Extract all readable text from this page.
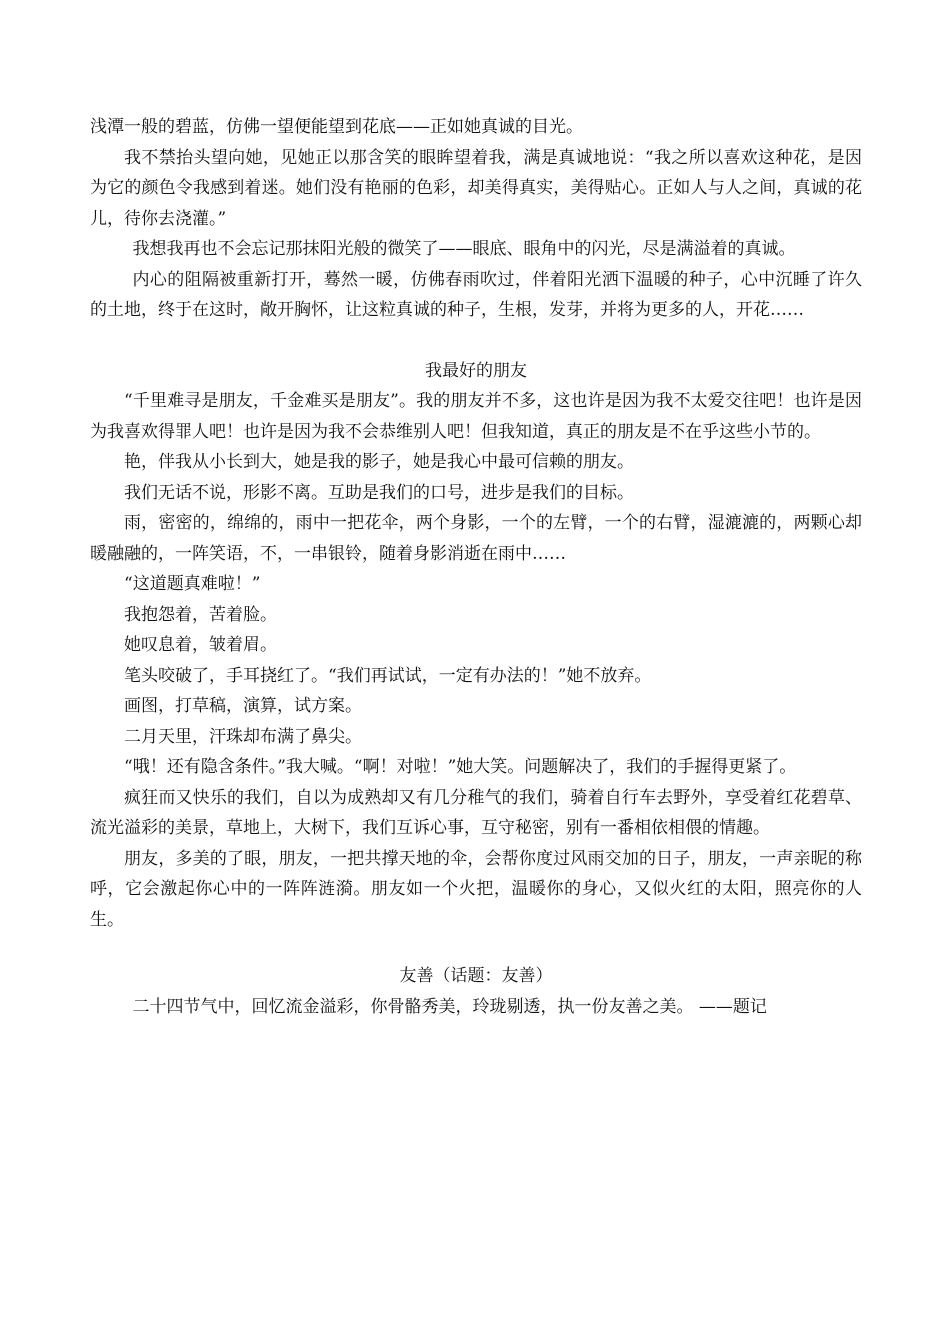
浅潭一般的碧蓝，仿佛一望便能望到花底——正如她真诚的目光。

我不禁抬头望向她，见她正以那含笑的眼眸望着我，满是真诚地说：“我之所以喜欢这种花，是因为它的颜色令我感到着迷。她们没有艳丽的色彩，却美得真实，美得贴心。正如人与人之间，真诚的花儿，待你去浇灌。”

我想我再也不会忘记那抹阳光般的微笑了——眼底、眼角中的闪光，尽是满溢着的真诚。

内心的阻隔被重新打开，蓦然一暖，仿佛春雨吹过，伴着阳光洒下温暖的种子，心中沉睡了许久的土地，终于在这时，敞开胸怀，让这粒真诚的种子，生根，发芽，并将为更多的人，开花……

我最好的朋友

“千里难寻是朋友，千金难买是朋友”。我的朋友并不多，这也许是因为我不太爱交往吧！也许是因为我喜欢得罪人吧！也许是因为我不会恭维别人吧！但我知道，真正的朋友是不在乎这些小节的。

艳，伴我从小长到大，她是我的影子，她是我心中最可信赖的朋友。

我们无话不说，形影不离。互助是我们的口号，进步是我们的目标。

雨，密密的，绵绵的，雨中一把花伞，两个身影，一个的左臂，一个的右臂，湿漉漉的，两颗心却暖融融的，一阵笑语，不，一串银铃，随着身影消逝在雨中……

“这道题真难啦！”

我抱怨着，苦着脸。

她叹息着，皱着眉。

笔头咬破了，手耳挠红了。“我们再试试，一定有办法的！”她不放弃。

画图，打草稿，演算，试方案。

二月天里，汗珠却布满了鼻尖。

“哦！还有隐含条件。”我大喊。“啊！对啦！”她大笑。问题解决了，我们的手握得更紧了。

疯狂而又快乐的我们，自以为成熟却又有几分稚气的我们，骑着自行车去野外，享受着红花碧草、流光溢彩的美景，草地上，大树下，我们互诉心事，互守秘密，别有一番相依相偎的情趣。

朋友，多美的了眼，朋友，一把共撑天地的伞，会帮你度过风雨交加的日子，朋友，一声亲昵的称呼，它会激起你心中的一阵阵涟漪。朋友如一个火把，温暖你的身心，又似火红的太阳，照亮你的人生。

友善（话题：友善）

二十四节气中，回忆流金溢彩，你骨骼秀美，玲珑剔透，执一份友善之美。 ——题记
